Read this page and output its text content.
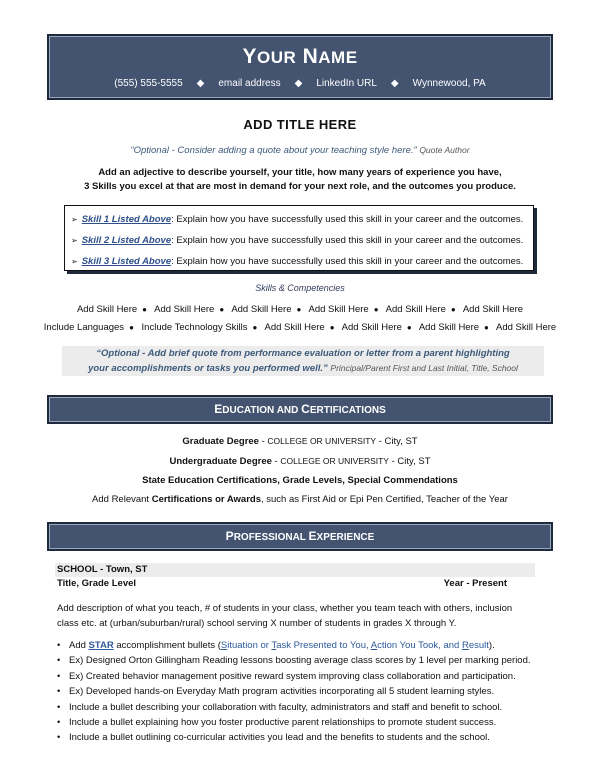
YOUR NAME
(555) 555-5555 ◆ email address ◆ LinkedIn URL ◆ Wynnewood, PA
ADD TITLE HERE
“Optional - Consider adding a quote about your teaching style here.” Quote Author
Add an adjective to describe yourself, your title, how many years of experience you have,
3 Skills you excel at that are most in demand for your next role, and the outcomes you produce.
➢ Skill 1 Listed Above: Explain how you have successfully used this skill in your career and the outcomes.
➢ Skill 2 Listed Above: Explain how you have successfully used this skill in your career and the outcomes.
➢ Skill 3 Listed Above: Explain how you have successfully used this skill in your career and the outcomes.
Skills & Competencies
Add Skill Here ● Add Skill Here ● Add Skill Here ● Add Skill Here ● Add Skill Here ● Add Skill Here
Include Languages ● Include Technology Skills ● Add Skill Here ● Add Skill Here ● Add Skill Here ● Add Skill Here
“Optional - Add brief quote from performance evaluation or letter from a parent highlighting
your accomplishments or tasks you performed well.” Principal/Parent First and Last Initial, Title, School
EDUCATION AND CERTIFICATIONS
Graduate Degree - COLLEGE OR UNIVERSITY - City, ST
Undergraduate Degree - COLLEGE OR UNIVERSITY - City, ST
State Education Certifications, Grade Levels, Special Commendations
Add Relevant Certifications or Awards, such as First Aid or Epi Pen Certified, Teacher of the Year
PROFESSIONAL EXPERIENCE
SCHOOL - Town, ST
Title, Grade Level	Year - Present
Add description of what you teach, # of students in your class, whether you team teach with others, inclusion
class etc. at (urban/suburban/rural) school serving X number of students in grades X through Y.
• Add STAR accomplishment bullets (Situation or Task Presented to You, Action You Took, and Result).
• Ex) Designed Orton Gillingham Reading lessons boosting average class scores by 1 level per marking period.
• Ex) Created behavior management positive reward system improving class collaboration and participation.
• Ex) Developed hands-on Everyday Math program activities incorporating all 5 student learning styles.
• Include a bullet describing your collaboration with faculty, administrators and staff and benefit to school.
• Include a bullet explaining how you foster productive parent relationships to promote student success.
• Include a bullet outlining co-curricular activities you lead and the benefits to students and the school.
